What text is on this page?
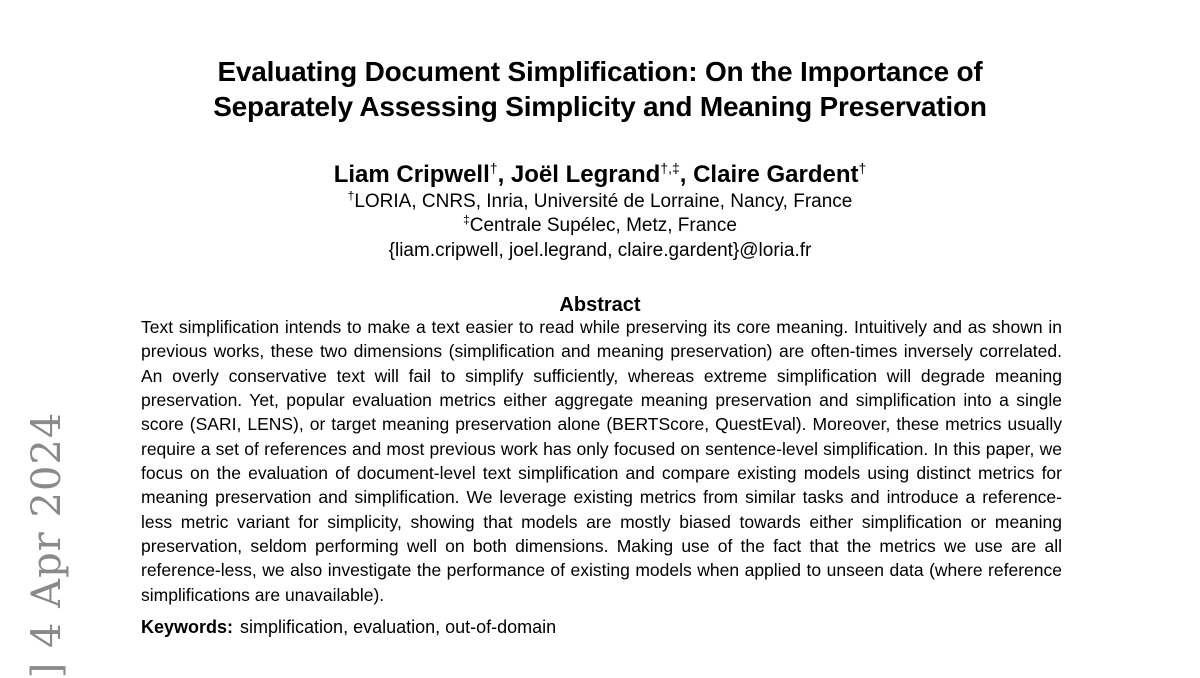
] 4 Apr 2024
Evaluating Document Simplification: On the Importance of Separately Assessing Simplicity and Meaning Preservation
Liam Cripwell†, Joël Legrand†,‡, Claire Gardent†
†LORIA, CNRS, Inria, Université de Lorraine, Nancy, France
‡Centrale Supélec, Metz, France
{liam.cripwell, joel.legrand, claire.gardent}@loria.fr
Abstract

Text simplification intends to make a text easier to read while preserving its core meaning. Intuitively and as shown in previous works, these two dimensions (simplification and meaning preservation) are often-times inversely correlated. An overly conservative text will fail to simplify sufficiently, whereas extreme simplification will degrade meaning preservation. Yet, popular evaluation metrics either aggregate meaning preservation and simplification into a single score (SARI, LENS), or target meaning preservation alone (BERTScore, QuestEval). Moreover, these metrics usually require a set of references and most previous work has only focused on sentence-level simplification. In this paper, we focus on the evaluation of document-level text simplification and compare existing models using distinct metrics for meaning preservation and simplification. We leverage existing metrics from similar tasks and introduce a reference-less metric variant for simplicity, showing that models are mostly biased towards either simplification or meaning preservation, seldom performing well on both dimensions. Making use of the fact that the metrics we use are all reference-less, we also investigate the performance of existing models when applied to unseen data (where reference simplifications are unavailable).

Keywords: simplification, evaluation, out-of-domain
